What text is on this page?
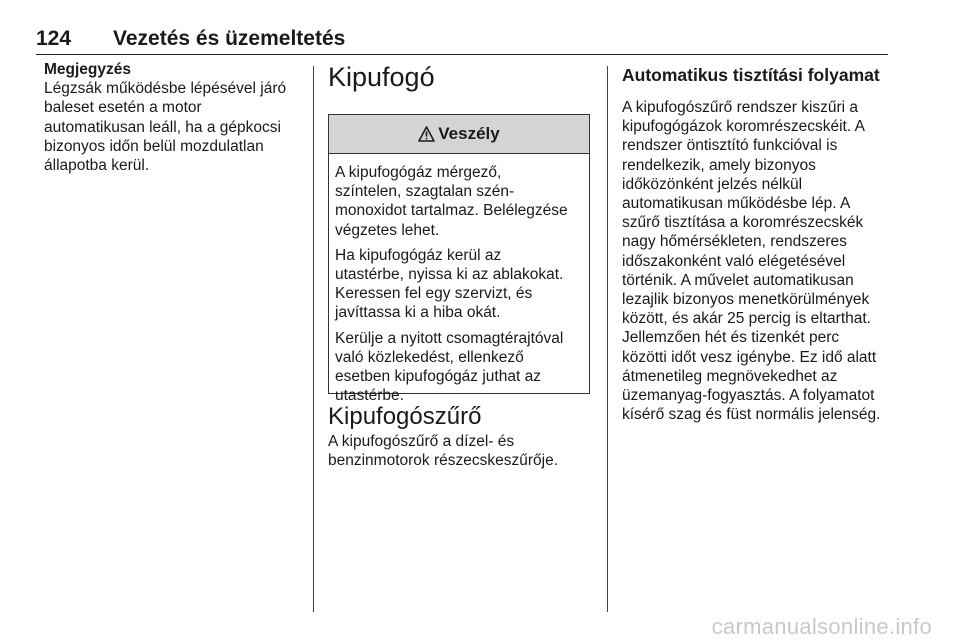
124 Vezetés és üzemeltetés

Megjegyzés

Légzsák működésbe lépésével járó

baleset esetén a motor

automatikusan leáll, ha a gépkocsi

bizonyos időn belül mozdulatlan

állapotba kerül.

Kipufogó
Veszély

A kipufogógáz mérgező,
színtelen, szagtalan szén-
monoxidot tartalmaz. Belélegzése
végzetes lehet.

Ha kipufogógáz kerül az
utastérbe, nyissa ki az ablakokat.
Keressen fel egy szervizt, és
javíttassa ki a hiba okát.

Kerülje a nyitott csomagtérajtóval
való közlekedést, ellenkező
esetben kipufogógáz juthat az
utastérbe.

Kipufogószűrő

A kipufogószűrő a dízel- és

benzinmotorok részecskeszűrője.

Automatikus tisztítási folyamat

A kipufogószűrő rendszer kiszűri a

kipufogógázok koromrészecskéit. A

rendszer öntisztító funkcióval is

rendelkezik, amely bizonyos

időközönként jelzés nélkül

automatikusan működésbe lép. A

szűrő tisztítása a koromrészecskék

nagy hőmérsékleten, rendszeres

időszakonként való elégetésével

történik. A művelet automatikusan

lezajlik bizonyos menetkörülmények

között, és akár 25 percig is eltarthat.

Jellemzően hét és tizenkét perc

közötti időt vesz igénybe. Ez idő alatt

átmenetileg megnövekedhet az

üzemanyag-fogyasztás. A folyamatot

kísérő szag és füst normális jelenség.

carmanualsonline.info
